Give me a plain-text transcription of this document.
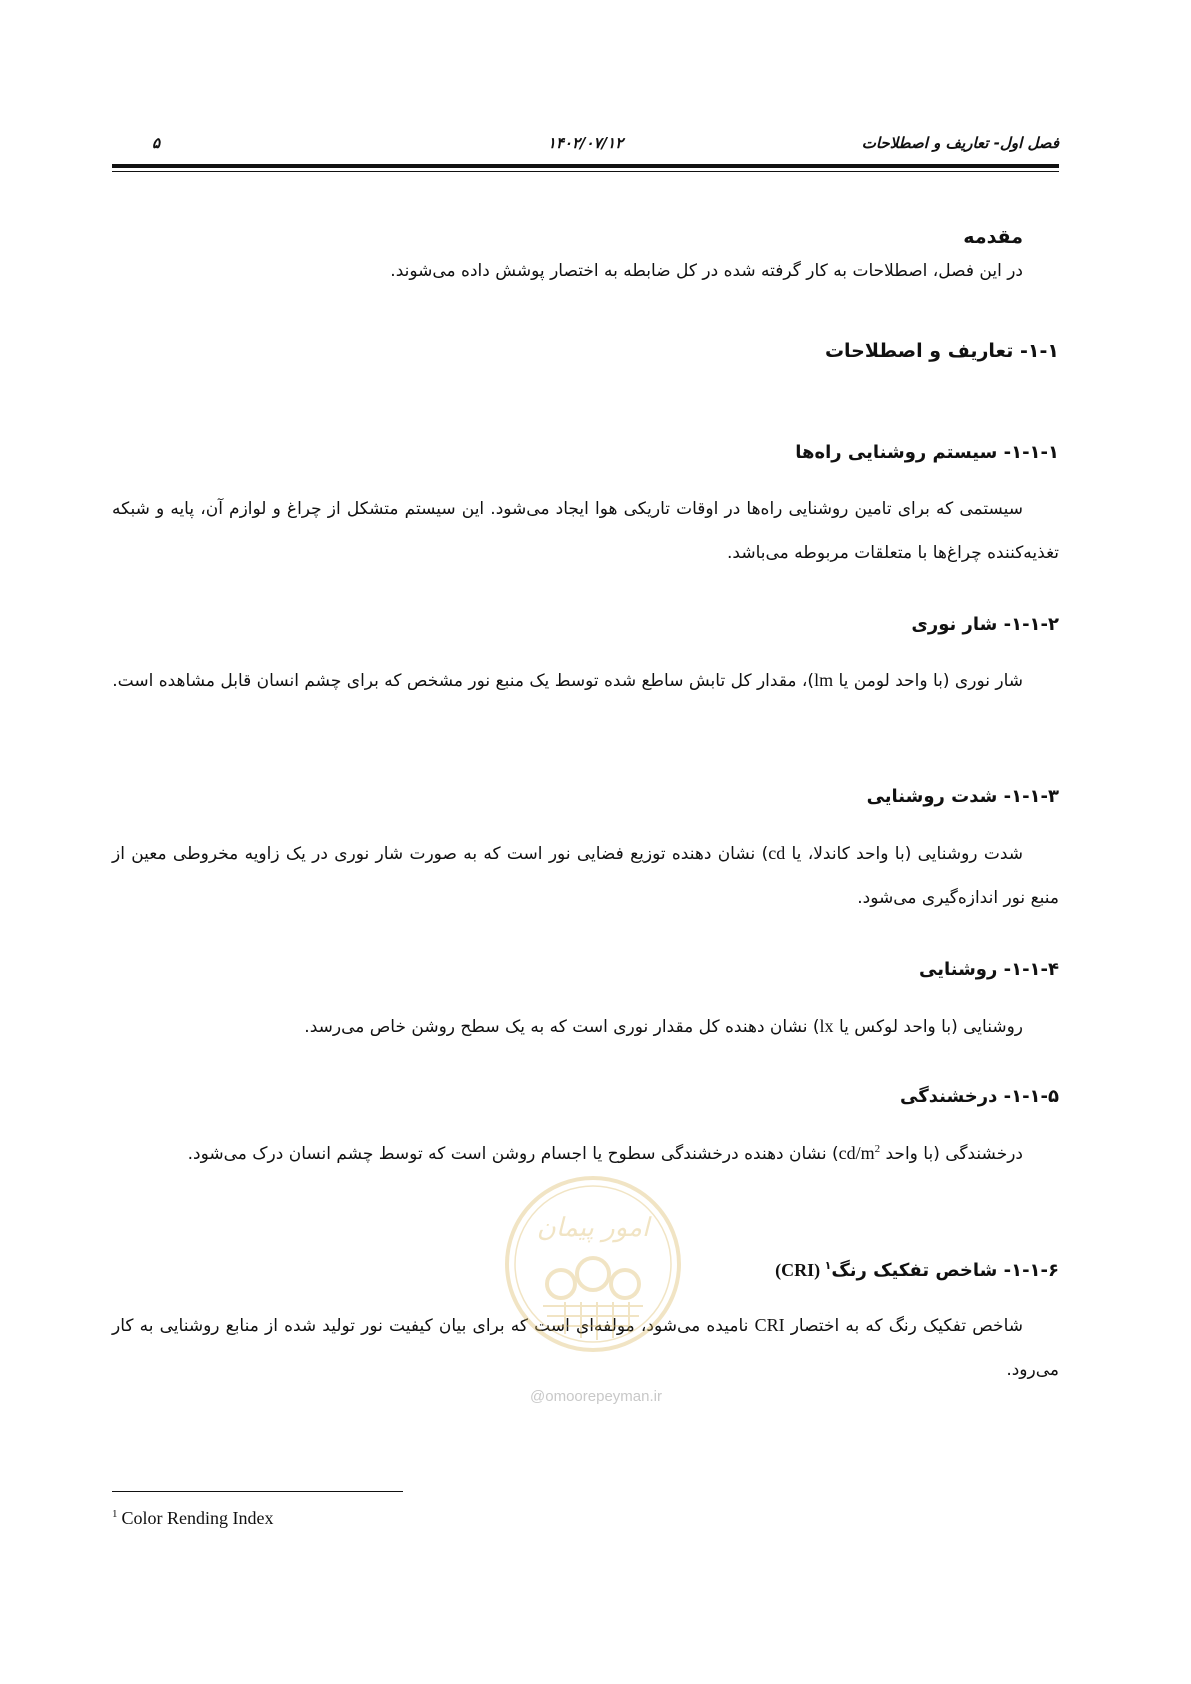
فصل اول- تعاریف و اصطلاحات
۱۴۰۲/۰۷/۱۲
۵
مقدمه
در این فصل، اصطلاحات به کار گرفته شده در کل ضابطه به اختصار پوشش داده می‌شوند.
۱-۱- تعاریف و اصطلاحات
۱-۱-۱- سیستم روشنایی راه‌ها
سیستمی که برای تامین روشنایی راه‌ها در اوقات تاریکی هوا ایجاد می‌شود. این سیستم متشکل از چراغ و لوازم آن، پایه و شبکه تغذیه‌کننده چراغ‌ها با متعلقات مربوطه می‌باشد.
۱-۱-۲- شار نوری
شار نوری (با واحد لومن یا lm)، مقدار کل تابش ساطع شده توسط یک منبع نور مشخص که برای چشم انسان قابل مشاهده است.
۱-۱-۳- شدت روشنایی
شدت روشنایی (با واحد کاندلا، یا cd) نشان دهنده توزیع فضایی نور است که به صورت شار نوری در یک زاویه مخروطی معین از منبع نور اندازه‌گیری می‌شود.
۱-۱-۴- روشنایی
روشنایی (با واحد لوکس یا lx) نشان دهنده کل مقدار نوری است که به یک سطح روشن خاص می‌رسد.
۱-۱-۵- درخشندگی
درخشندگی (با واحد $cd/m^2$) نشان دهنده درخشندگی سطوح یا اجسام روشن است که توسط چشم انسان درک می‌شود.
۱-۱-۶- شاخص تفکیک رنگ$^۱$ (CRI)
شاخص تفکیک رنگ که به اختصار CRI نامیده می‌شود، مولفه‌ای است که برای بیان کیفیت نور تولید شده از منابع روشنایی به کار می‌رود.
امور پیمان
@omoorepeyman.ir
$^1$ Color Rending Index
